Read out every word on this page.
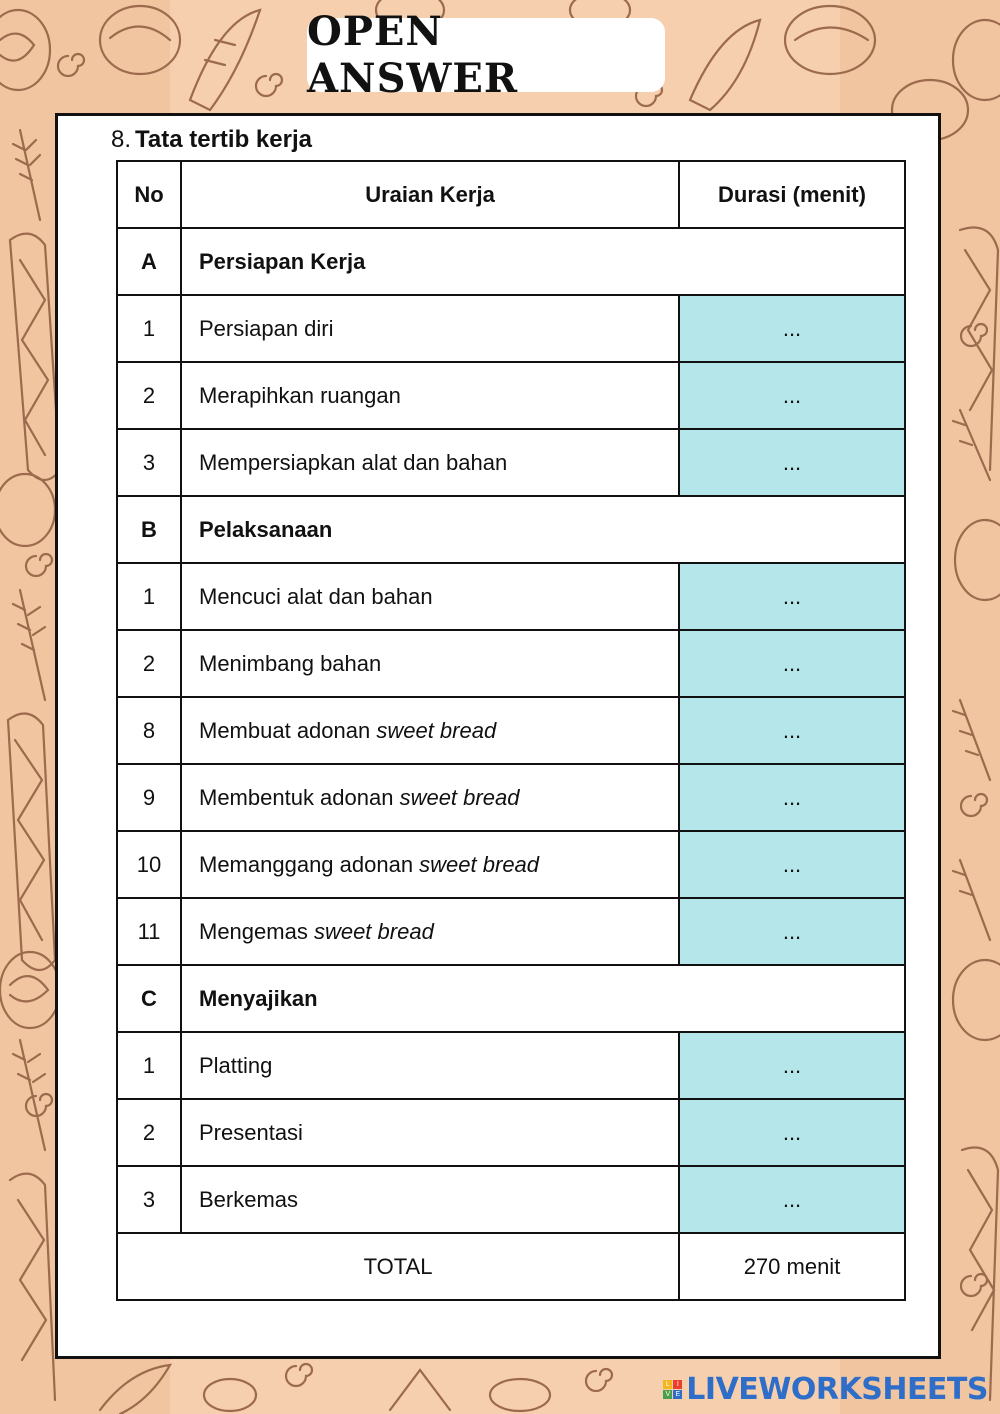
OPEN ANSWER
8. Tata tertib kerja
No	Uraian Kerja	Durasi (menit)
A	Persiapan Kerja	
1	Persiapan diri	...
2	Merapihkan ruangan	...
3	Mempersiapkan alat dan bahan	...
B	Pelaksanaan	
1	Mencuci alat dan bahan	...
2	Menimbang bahan	...
8	Membuat adonan sweet bread	...
9	Membentuk adonan sweet bread	...
10	Memanggang adonan sweet bread	...
11	Mengemas sweet bread	...
C	Menyajikan	
1	Platting	...
2	Presentasi	...
3	Berkemas	...
TOTAL		270 menit
L	I
V E LIVEWORKSHEETS
